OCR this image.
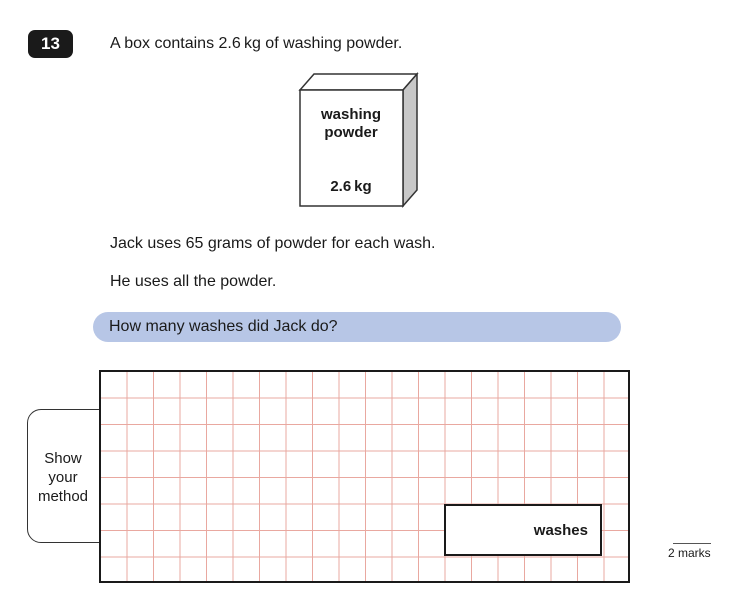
13	A box contains 2.6 kg of washing powder.
washing
powder
2.6 kg
Jack uses 65 grams of powder for each wash.
He uses all the powder.
How many washes did Jack do?
Show
your
method
washes
2 marks
